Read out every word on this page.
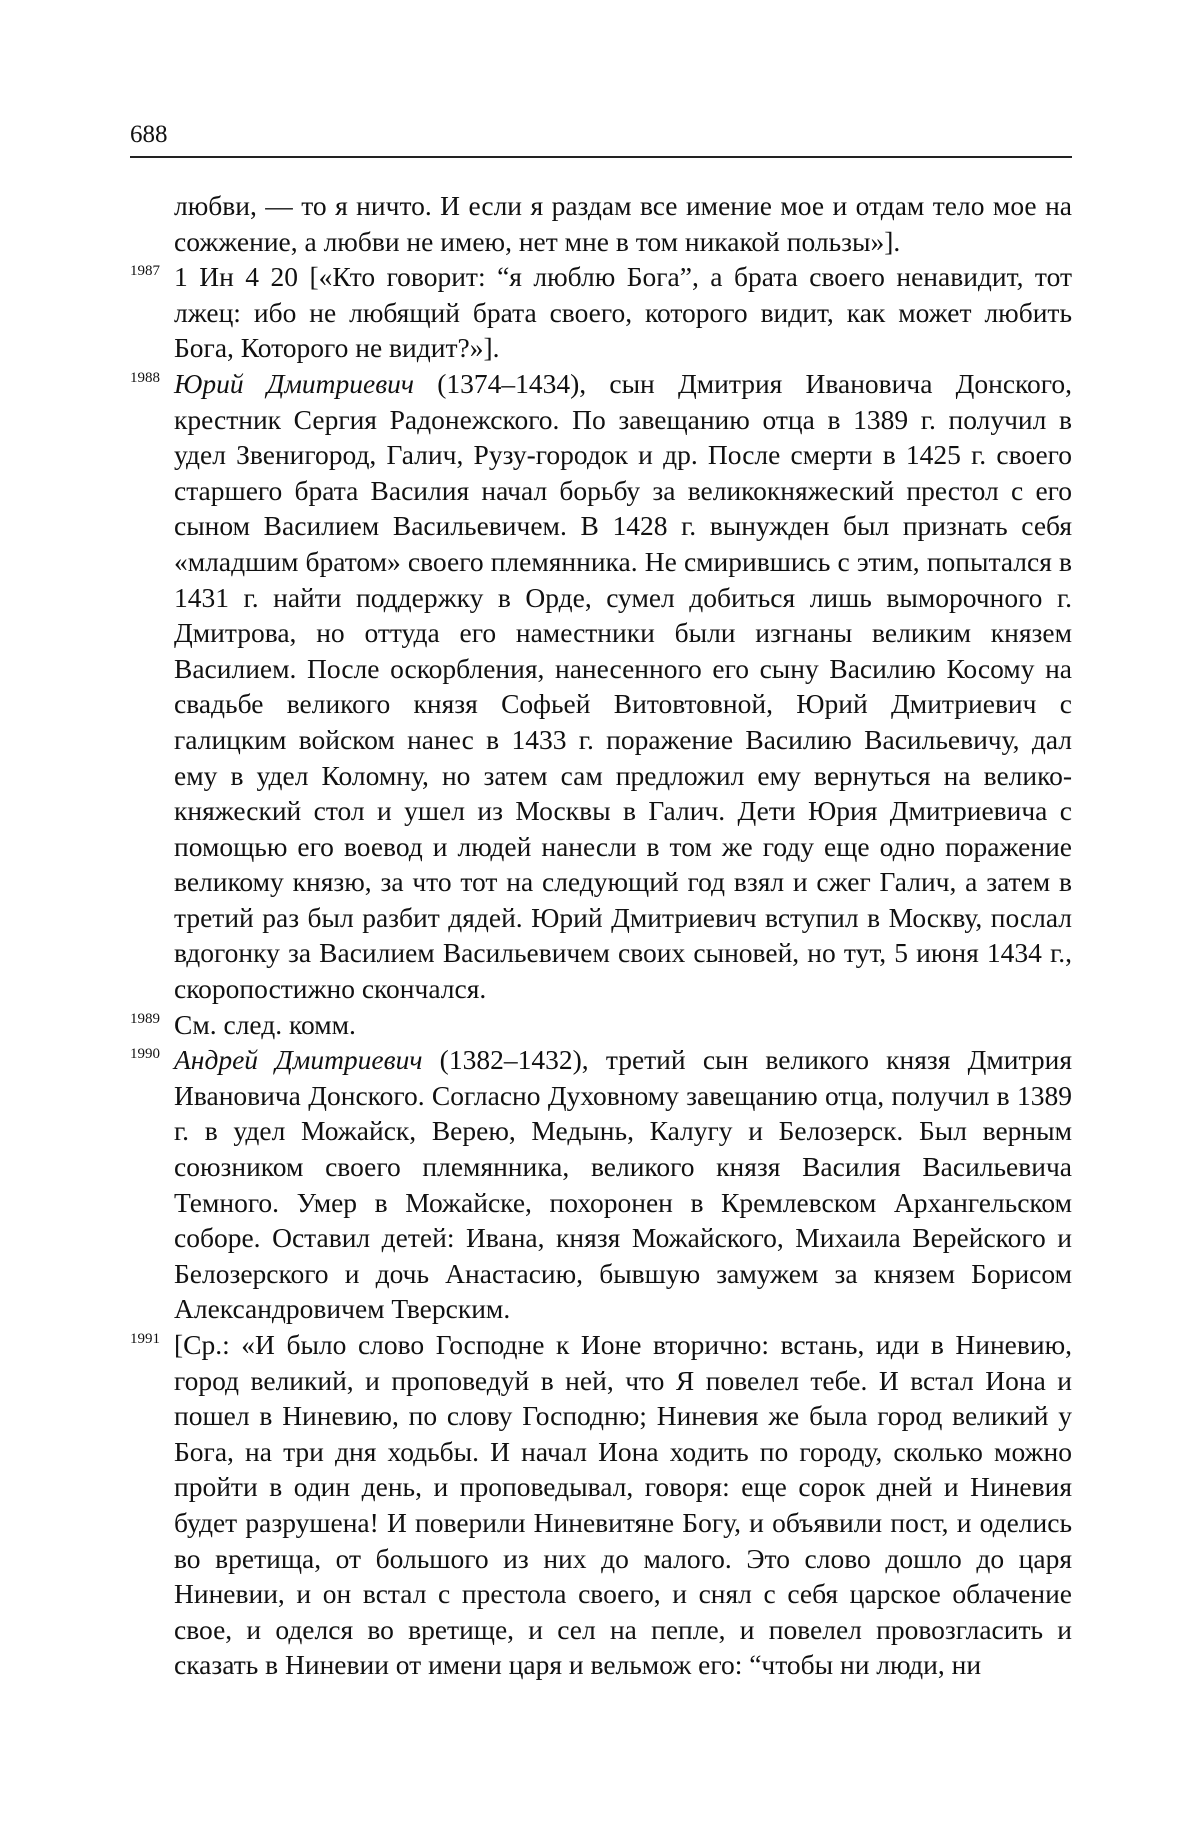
688
любви, — то я ничто. И если я раздам все имение мое и отдам тело мое на сожжение, а любви не имею, нет мне в том никакой пользы»].
1987 1 Ин 4 20 [«Кто говорит: “я люблю Бога”, а брата своего ненавидит, тот лжец: ибо не любящий брата своего, которого видит, как может любить Бога, Которого не видит?»].
1988 Юрий Дмитриевич (1374–1434), сын Дмитрия Ивановича Донского, крестник Сергия Радонежского. По завещанию отца в 1389 г. получил в удел Звенигород, Галич, Рузу-городок и др. После смерти в 1425 г. своего старшего брата Василия начал борьбу за великокняжеский престол с его сыном Василием Васильевичем. В 1428 г. вынужден был признать себя «младшим братом» своего племянника. Не смирившись с этим, попытался в 1431 г. найти поддержку в Орде, сумел добиться лишь выморочного г. Дмитрова, но оттуда его наместники были изгнаны великим князем Василием. После оскорбления, нанесенного его сыну Василию Косому на свадьбе великого князя Софьей Витовтовной, Юрий Дмитриевич с галицким войском нанес в 1433 г. поражение Василию Васильевичу, дал ему в удел Коломну, но затем сам предложил ему вернуться на великокняжеский стол и ушел из Москвы в Галич. Дети Юрия Дмитриевича с помощью его воевод и людей нанесли в том же году еще одно поражение великому князю, за что тот на следующий год взял и сжег Галич, а затем в третий раз был разбит дядей. Юрий Дмитриевич вступил в Москву, послал вдогонку за Василием Васильевичем своих сыновей, но тут, 5 июня 1434 г., скоропостижно скончался.
1989 См. след. комм.
1990 Андрей Дмитриевич (1382–1432), третий сын великого князя Дмитрия Ивановича Донского. Согласно Духовному завещанию отца, получил в 1389 г. в удел Можайск, Верею, Медынь, Калугу и Белозерск. Был верным союзником своего племянника, великого князя Василия Васильевича Темного. Умер в Можайске, похоронен в Кремлевском Архангельском соборе. Оставил детей: Ивана, князя Можайского, Михаила Верейского и Белозерского и дочь Анастасию, бывшую замужем за князем Борисом Александровичем Тверским.
1991 [Ср.: «И было слово Господне к Ионе вторично: встань, иди в Ниневию, город великий, и проповедуй в ней, что Я повелел тебе. И встал Иона и пошел в Ниневию, по слову Господню; Ниневия же была город великий у Бога, на три дня ходьбы. И начал Иона ходить по городу, сколько можно пройти в один день, и проповедывал, говоря: еще сорок дней и Ниневия будет разрушена! И поверили Ниневитяне Богу, и объявили пост, и оделись во вретища, от большого из них до малого. Это слово дошло до царя Ниневии, и он встал с престола своего, и снял с себя царское облачение свое, и оделся во вретище, и сел на пепле, и повелел провозгласить и сказать в Ниневии от имени царя и вельмож его: “чтобы ни люди, ни
